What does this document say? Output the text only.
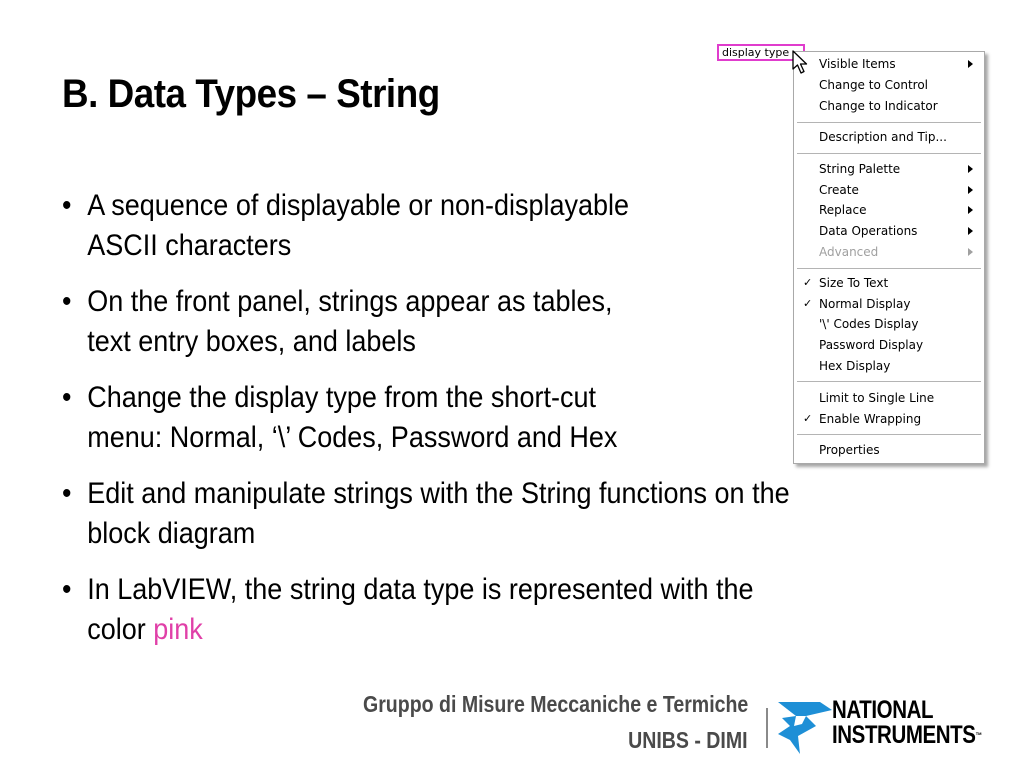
B. Data Types – String
• A sequence of displayable or non-displayable
ASCII characters
• On the front panel, strings appear as tables,
text entry boxes, and labels
• Change the display type from the short-cut
menu: Normal, ‘\’ Codes, Password and Hex
• Edit and manipulate strings with the String functions on the
block diagram
• In LabVIEW, the string data type is represented with the
color pink
display type
Visible Items
Change to Control
Change to Indicator
Description and Tip...
String Palette
Create
Replace
Data Operations
Advanced
✓ Size To Text
✓ Normal Display
'\' Codes Display
Password Display
Hex Display
Limit to Single Line
✓ Enable Wrapping
Properties
Gruppo di Misure Meccaniche e Termiche
UNIBS - DIMI
NATIONAL
INSTRUMENTS™
